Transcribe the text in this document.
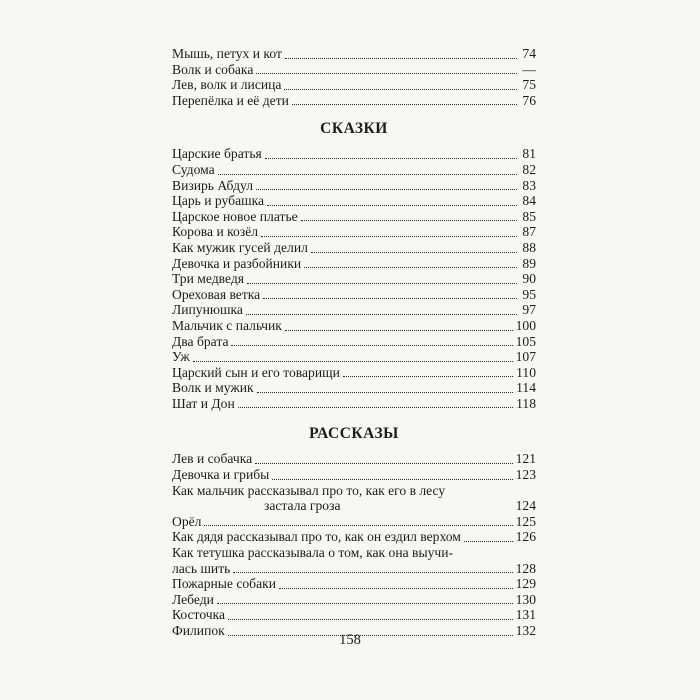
Мышь, петух и кот	74
Волк и собака	—
Лев, волк и лисица	75
Перепёлка и её дети	76
СКАЗКИ
Царские братья	81
Судома	82
Визирь Абдул	83
Царь и рубашка	84
Царское новое платье	85
Корова и козёл	87
Как мужик гусей делил	88
Девочка и разбойники	89
Три медведя	90
Ореховая ветка	95
Липунюшка	97
Мальчик с пальчик	100
Два брата	105
Уж	107
Царский сын и его товарищи	110
Волк и мужик	114
Шат и Дон	118
РАССКАЗЫ
Лев и собачка	121
Девочка и грибы	123
Как мальчик рассказывал про то, как его в лесу
застала гроза	124
Орёл	125
Как дядя рассказывал про то, как он ездил верхом	126
Как тетушка рассказывала о том, как она выучи-
лась шить	128
Пожарные собаки	129
Лебеди	130
Косточка	131
Филипок	132
158
